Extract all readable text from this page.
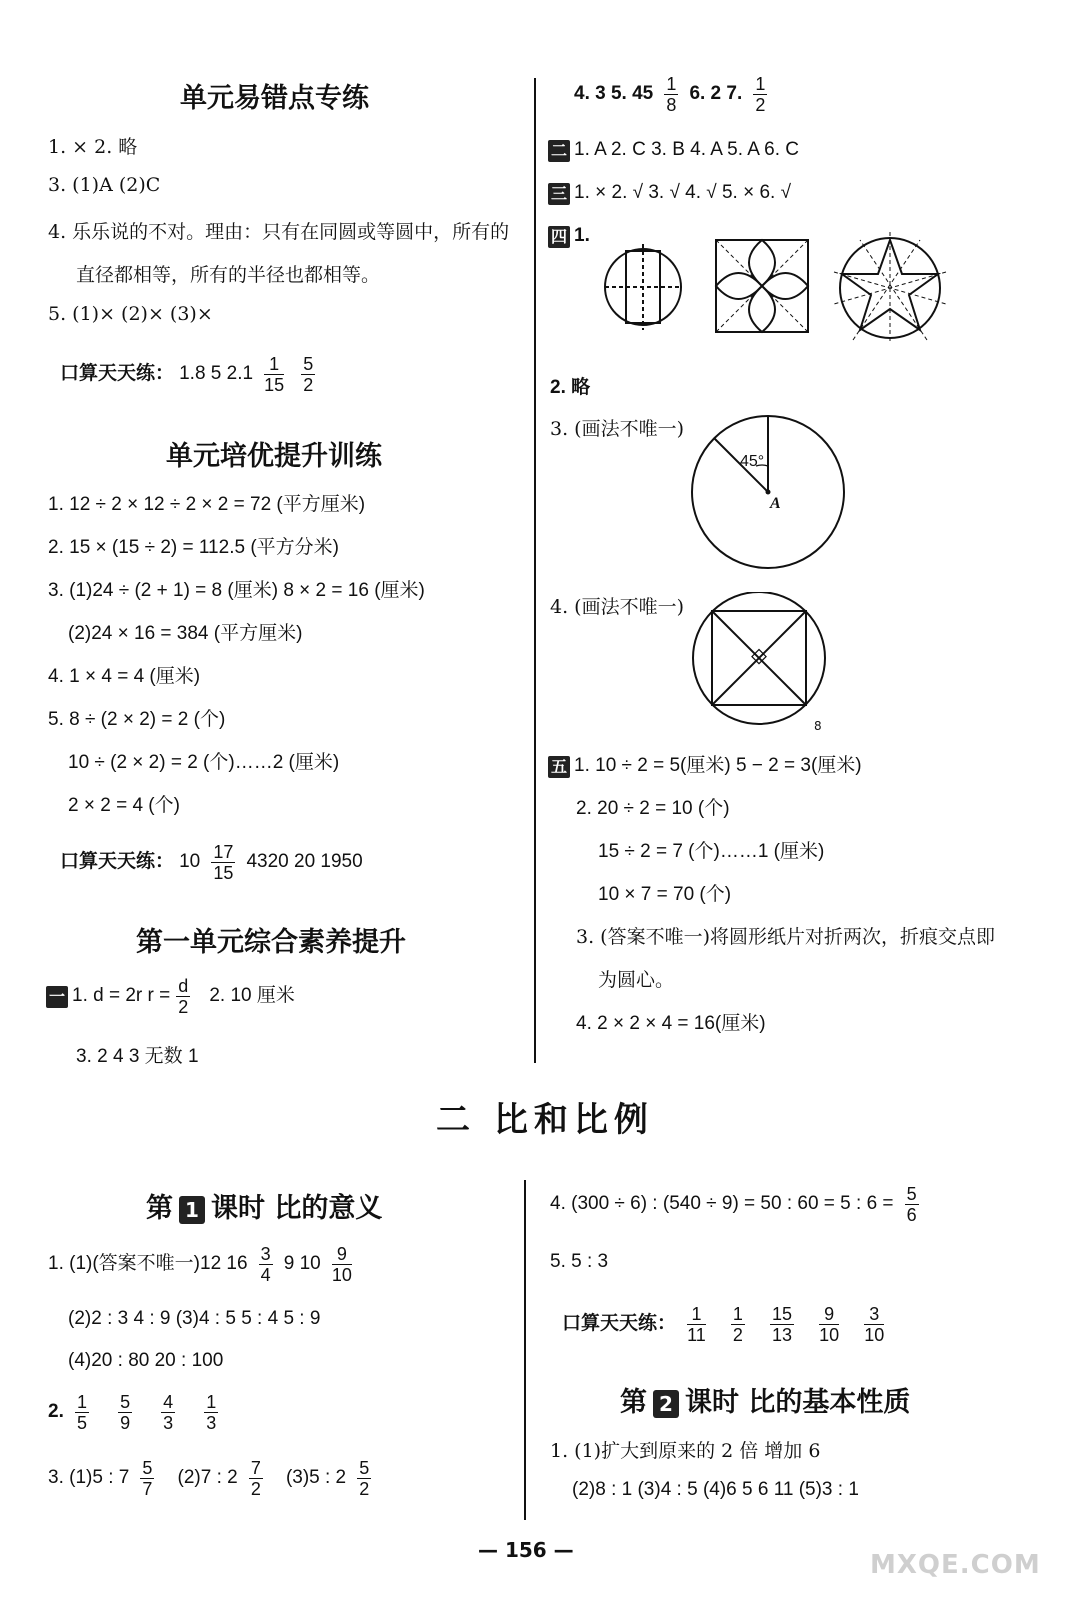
单元易错点专练
1. × 2. 略
3. (1)A (2)C
4. 乐乐说的不对。理由：只有在同圆或等圆中，所有的
直径都相等，所有的半径也都相等。
5. (1)× (2)× (3)×
口算天天练： 1.8 5 $2.1 \frac{1}{15}$
$\frac{5}{2}$
单元培优提升训练
1. 12 ÷ 2 × 12 ÷ 2 × 2 = 72 (平方厘米)
2. 15 × (15 ÷ 2) = 112.5 (平方分米)
3. (1)24 ÷ (2 + 1) = 8 (厘米) 8 × 2 = 16 (厘米)
(2)24 × 16 = 384 (平方厘米)
4. 1 × 4 = 4 (厘米)
5. 8 ÷ (2 × 2) = 2 (个)
10 ÷ (2 × 2) = 2 (个)……2 (厘米)
2 × 2 = 4 (个)
口算天天练： $10 \frac{17}{15} 4320$ 20 1950
第一单元综合素养提升
一 1. d = 2r $r = \frac{d}{2} 2$. 10 厘米
3. 2 4 3 无数 1
4. 3 5. $45 \frac{1}{8} 6$. 2 7. $\frac{1}{2}$
二 1. A 2. C 3. B 4. A 5. A 6. C
三 1. × 2. √ 3. √ 4. √ 5. × 6. √
四 1.
2. 略
3. (画法不唯一)
45°
A
4. (画法不唯一)
8
五 1. 10 ÷ 2 = 5(厘米) 5 − 2 = 3(厘米)
2. 20 ÷ 2 = 10 (个)
15 ÷ 2 = 7 (个)……1 (厘米)
10 × 7 = 70 (个)
3. (答案不唯一)将圆形纸片对折两次，折痕交点即
为圆心。
4. 2 × 2 × 4 = 16(厘米)
二 比和比例
第 1 课时 比的意义
1. (1)(答案不唯一)12 $16 \frac{3}{4} 9$ $10 \frac{9}{10}$
(2)2 : 3 4 : 9 (3)4 : 5 5 : 4 5 : 9
(4)20 : 80 20 : 100
2. $\frac{1}{5}$
$\frac{5}{9}$
$\frac{4}{3}$
$\frac{1}{3}$
3. (1)5 : $7 \frac{5}{7} (2)7$ : $2 \frac{7}{2} (3)5$ : $2 \frac{5}{2}$
4. (300 ÷ 6) : (540 ÷ 9) = 50 : 60 = 5 : $6 = \frac{5}{6}$
5. 5 : 3
口算天天练： $\frac{1}{11}$
$\frac{1}{2}$
$\frac{15}{13}$
$\frac{9}{10}$
$\frac{3}{10}$
第 2 课时 比的基本性质
1. (1)扩大到原来的 2 倍 增加 6
(2)8 : 1 (3)4 : 5 (4)6 5 6 11 (5)3 : 1
— 156 —	MXQE.COM
